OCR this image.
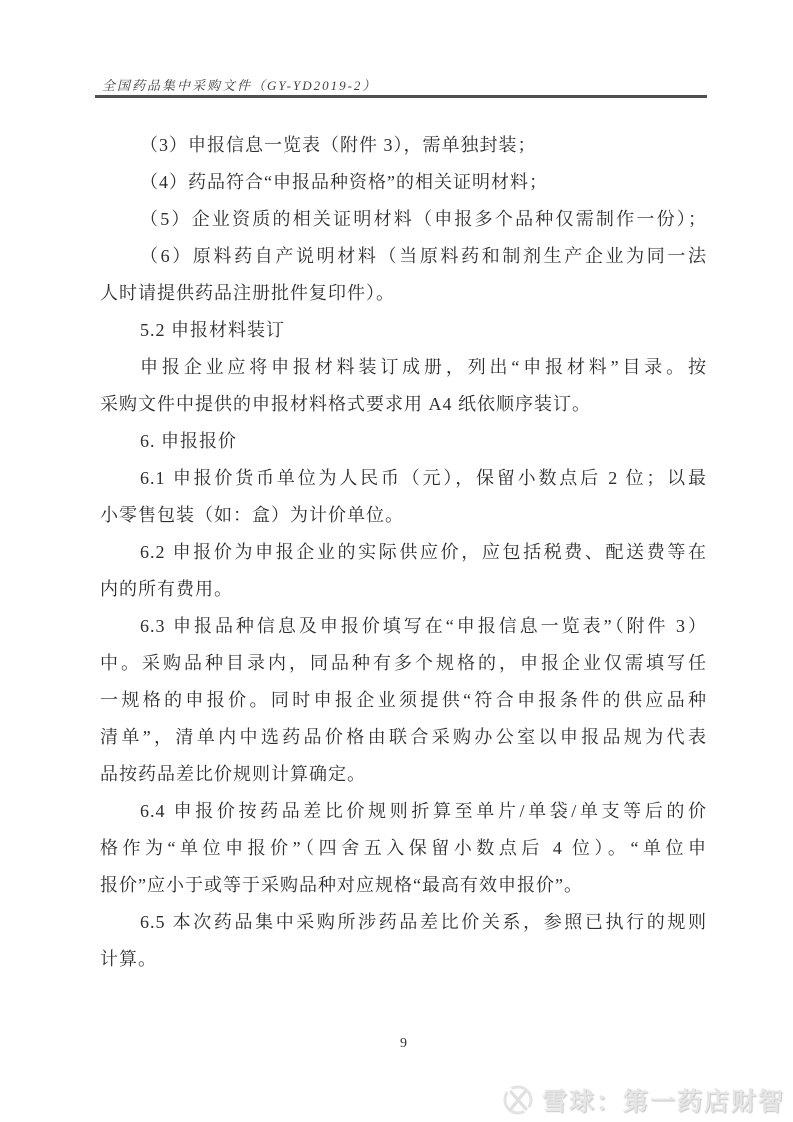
全国药品集中采购文件（GY-YD2019-2）
（3）申报信息一览表（附件 3），需单独封装；
（4）药品符合“申报品种资格”的相关证明材料；
（5）企业资质的相关证明材料（申报多个品种仅需制作一份）；
（6）原料药自产说明材料（当原料药和制剂生产企业为同一法
人时请提供药品注册批件复印件）。
5.2 申报材料装订
申报企业应将申报材料装订成册，列出“申报材料”目录。按
采购文件中提供的申报材料格式要求用 A4 纸依顺序装订。
6. 申报报价
6.1 申报价货币单位为人民币（元），保留小数点后 2 位；以最
小零售包装（如：盒）为计价单位。
6.2 申报价为申报企业的实际供应价，应包括税费、配送费等在
内的所有费用。
6.3 申报品种信息及申报价填写在“申报信息一览表”（附件 3）
中。采购品种目录内，同品种有多个规格的，申报企业仅需填写任
一规格的申报价。同时申报企业须提供“符合申报条件的供应品种
清单”，清单内中选药品价格由联合采购办公室以申报品规为代表
品按药品差比价规则计算确定。
6.4 申报价按药品差比价规则折算至单片/单袋/单支等后的价
格作为“单位申报价”（四舍五入保留小数点后 4 位）。“单位申
报价”应小于或等于采购品种对应规格“最高有效申报价”。
6.5 本次药品集中采购所涉药品差比价关系，参照已执行的规则
计算。
9
雪球：第一药店财智
